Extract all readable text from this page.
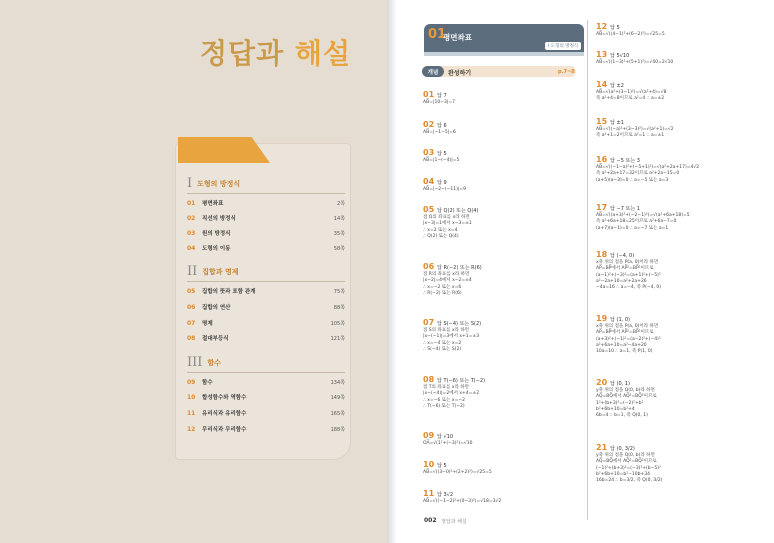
정답과 해설
I 도형의 방정식
01	평면좌표	2쪽
02	직선의 방정식	14쪽
03	원의 방정식	35쪽
04	도형의 이동	58쪽
II 집합과 명제
05	집합의 뜻과 포함 관계	75쪽
06	집합의 연산	88쪽
07	명제	105쪽
08	절대부등식	121쪽
III 함수
09	함수	134쪽
10	합성함수와 역함수	149쪽
11	유리식과 유리함수	165쪽
12	무리식과 무리함수	188쪽
01
평면좌표
I 도형의 방정식
개념	완성하기	p.7~8
01 답 7
AB̅=|10−3|=7
02 답 6
AB̅=|−1−5|=6
03 답 5
AB̅=|1−(−4)|=5
04 답 9
AB̅=|−2−(−11)|=9
05 답 Q(2) 또는 Q(4)
점 Q의 좌표를 x라 하면
|x−3|=1에서 x−3=±1
∴ x=2 또는 x=4
∴ Q(2) 또는 Q(4)
06 답 R(−2) 또는 R(6)
점 R의 좌표를 x라 하면
|x−2|=4에서 x−2=±4
∴ x=−2 또는 x=6
∴ R(−2) 또는 R(6)
07 답 S(−4) 또는 S(2)
점 S의 좌표를 x라 하면
|x−(−1)|=3에서 x+1=±3
∴ x=−4 또는 x=2
∴ S(−4) 또는 S(2)
08 답 T(−6) 또는 T(−2)
점 T의 좌표를 x라 하면
|x−(−4)|=2에서 x+4=±2
∴ x=−6 또는 x=−2
∴ T(−6) 또는 T(−2)
09 답 √10
OA̅=√(1²+(−3)²)=√10
10 답 5
AB̅=√((3−0)²+(2+2)²)=√25=5
11 답 3√2
AB̅=√((−1−2)²+(0−3)²)=√18=3√2
12 답 5
AB̅=√((4−1)²+(6−2)²)=√25=5
13 답 5√10
AB̅=√((1−3)²+(5+1)²)=√40=2√10
14 답 ±2
AB̅=√(a²+(3−1)²)=√(a²+4)=√8
즉 a²+4=8이므로 a²=4 ∴ a=±2
15 답 ±1
AB̅=√((−a)²+(3−3)²)=√(a²+1)=√2
즉 a²+1=2이므로 a²=1 ∴ a=±1
16 답 −5 또는 3
AB̅=√((−1−a)²+(−5+1)²)=√(a²+2a+17)=4√2
즉 a²+2a+17=32이므로 a²+2a−15=0
(a+5)(a−3)=0 ∴ a=−5 또는 a=3
17 답 −7 또는 1
AB̅=√((a+3)²+(−2−1)²)=√(a²+6a+18)=5
즉 a²+6a+18=25이므로 a²+6a−7=0
(a+7)(a−1)=0 ∴ a=−7 또는 a=1
18 답 (−4, 0)
x축 위의 점을 P(a, 0)이라 하면
AP̅=BP̅에서 AP̅²=BP̅²이므로
(a−1)²+(−3)²=(a+1)²+(−5)²
a²−2a+10=a²+2a+26
−4a=16 ∴ a=−4, 즉 P(−4, 0)
19 답 (1, 0)
x축 위의 점을 P(a, 0)이라 하면
AP̅=BP̅에서 AP̅²=BP̅²이므로
(a+3)²+(−1)²=(a−2)²+(−4)²
a²+6a+10=a²−4a+20
10a=10 ∴ a=1, 즉 P(1, 0)
20 답 (0, 1)
y축 위의 점을 Q(0, b)라 하면
AQ̅=BQ̅에서 AQ̅²=BQ̅²이므로
1²+(b+3)²=(−2)²+b²
b²+6b+10=b²+4
6b=4 ∴ b=1, 즉 Q(0, 1)
21 답 (0, 3/2)
y축 위의 점을 Q(0, b)라 하면
AQ̅=BQ̅에서 AQ̅²=BQ̅²이므로
(−1)²+(b+3)²=(−3)²+(b−5)²
b²+6b+10=b²−10b+34
16b=24 ∴ b=3/2, 즉 Q(0, 3/2)
002 정답과 해설
